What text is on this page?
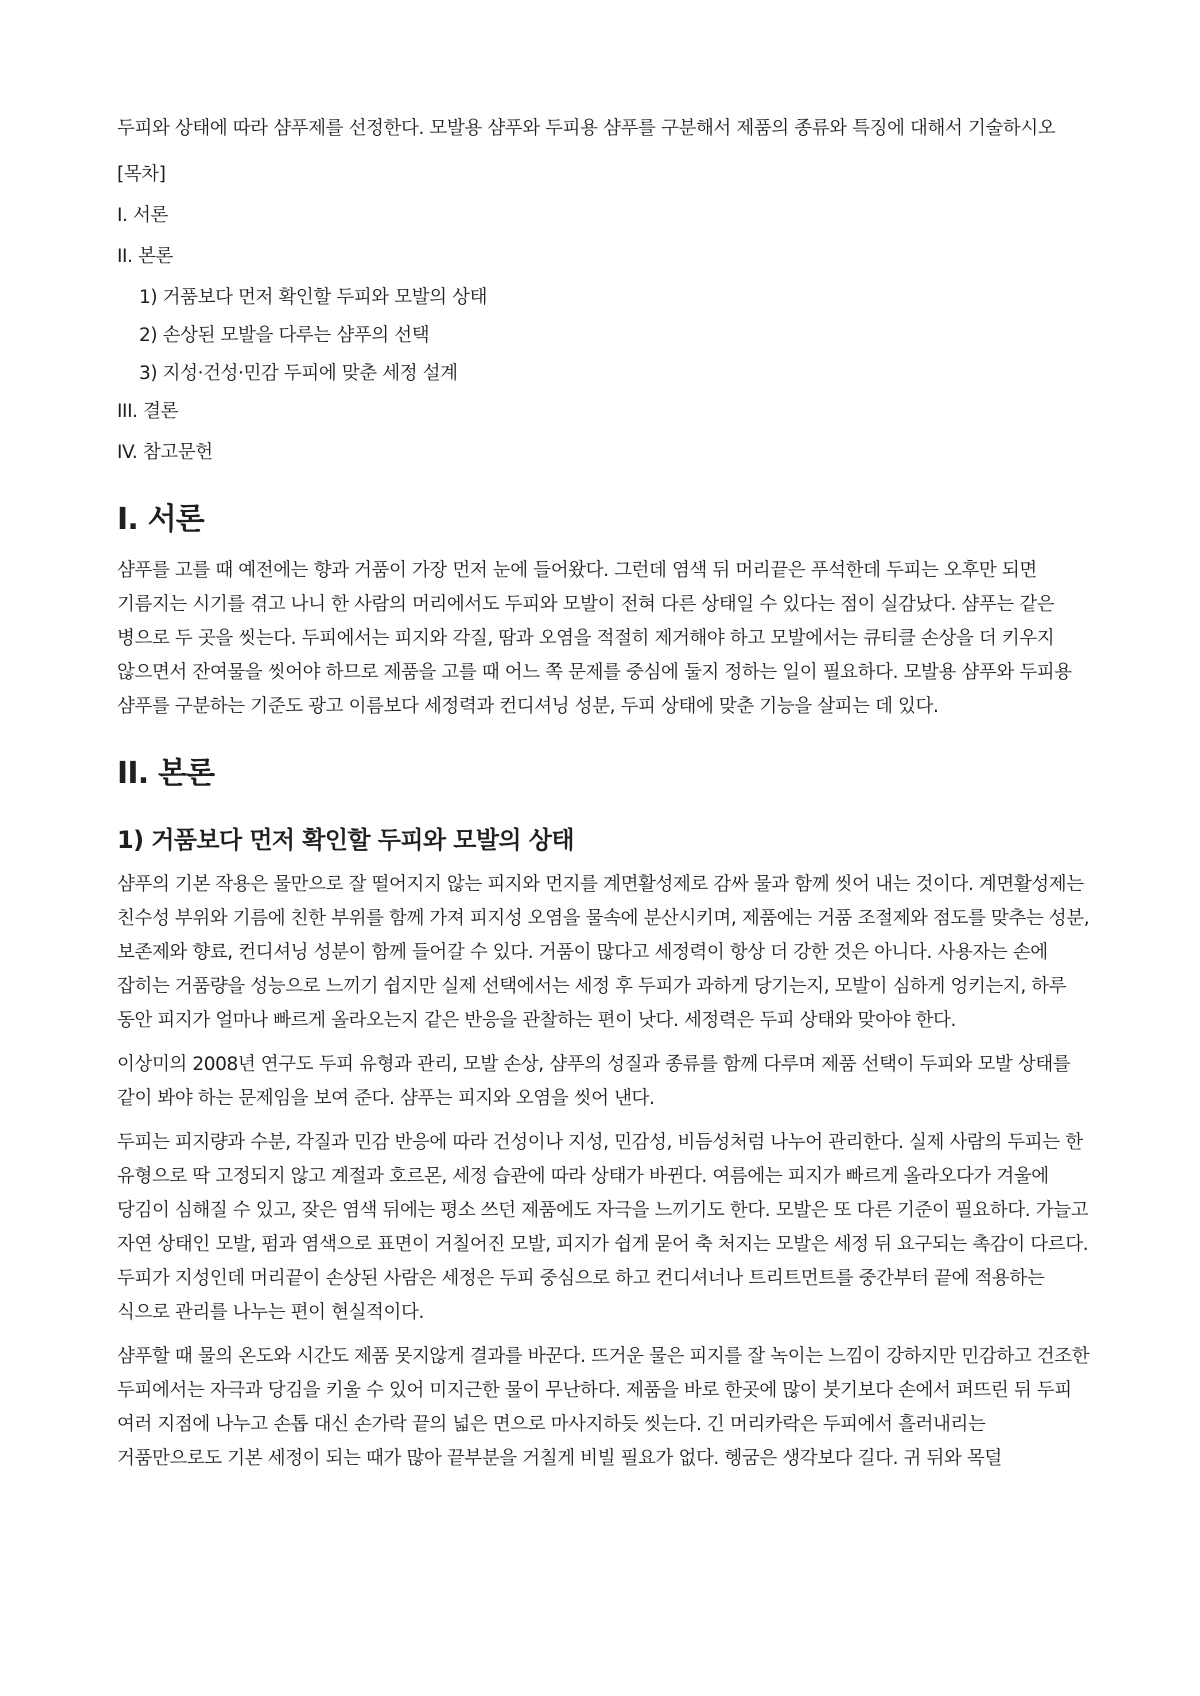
두피와 상태에 따라 샴푸제를 선정한다. 모발용 샴푸와 두피용 샴푸를 구분해서 제품의 종류와 특징에 대해서 기술하시오

[목차]

I. 서론

II. 본론

1) 거품보다 먼저 확인할 두피와 모발의 상태

2) 손상된 모발을 다루는 샴푸의 선택

3) 지성·건성·민감 두피에 맞춘 세정 설계

III. 결론

IV. 참고문헌

I. 서론

샴푸를 고를 때 예전에는 향과 거품이 가장 먼저 눈에 들어왔다. 그런데 염색 뒤 머리끝은 푸석한데 두피는 오후만 되면 기름지는 시기를 겪고 나니 한 사람의 머리에서도 두피와 모발이 전혀 다른 상태일 수 있다는 점이 실감났다. 샴푸는 같은 병으로 두 곳을 씻는다. 두피에서는 피지와 각질, 땀과 오염을 적절히 제거해야 하고 모발에서는 큐티클 손상을 더 키우지 않으면서 잔여물을 씻어야 하므로 제품을 고를 때 어느 쪽 문제를 중심에 둘지 정하는 일이 필요하다. 모발용 샴푸와 두피용 샴푸를 구분하는 기준도 광고 이름보다 세정력과 컨디셔닝 성분, 두피 상태에 맞춘 기능을 살피는 데 있다.

II. 본론
1) 거품보다 먼저 확인할 두피와 모발의 상태

샴푸의 기본 작용은 물만으로 잘 떨어지지 않는 피지와 먼지를 계면활성제로 감싸 물과 함께 씻어 내는 것이다. 계면활성제는 친수성 부위와 기름에 친한 부위를 함께 가져 피지성 오염을 물속에 분산시키며, 제품에는 거품 조절제와 점도를 맞추는 성분, 보존제와 향료, 컨디셔닝 성분이 함께 들어갈 수 있다. 거품이 많다고 세정력이 항상 더 강한 것은 아니다. 사용자는 손에 잡히는 거품량을 성능으로 느끼기 쉽지만 실제 선택에서는 세정 후 두피가 과하게 당기는지, 모발이 심하게 엉키는지, 하루 동안 피지가 얼마나 빠르게 올라오는지 같은 반응을 관찰하는 편이 낫다. 세정력은 두피 상태와 맞아야 한다.

이상미의 2008년 연구도 두피 유형과 관리, 모발 손상, 샴푸의 성질과 종류를 함께 다루며 제품 선택이 두피와 모발 상태를 같이 봐야 하는 문제임을 보여 준다. 샴푸는 피지와 오염을 씻어 낸다.

두피는 피지량과 수분, 각질과 민감 반응에 따라 건성이나 지성, 민감성, 비듬성처럼 나누어 관리한다. 실제 사람의 두피는 한 유형으로 딱 고정되지 않고 계절과 호르몬, 세정 습관에 따라 상태가 바뀐다. 여름에는 피지가 빠르게 올라오다가 겨울에 당김이 심해질 수 있고, 잦은 염색 뒤에는 평소 쓰던 제품에도 자극을 느끼기도 한다. 모발은 또 다른 기준이 필요하다. 가늘고 자연 상태인 모발, 펌과 염색으로 표면이 거칠어진 모발, 피지가 쉽게 묻어 축 처지는 모발은 세정 뒤 요구되는 촉감이 다르다. 두피가 지성인데 머리끝이 손상된 사람은 세정은 두피 중심으로 하고 컨디셔너나 트리트먼트를 중간부터 끝에 적용하는 식으로 관리를 나누는 편이 현실적이다.

샴푸할 때 물의 온도와 시간도 제품 못지않게 결과를 바꾼다. 뜨거운 물은 피지를 잘 녹이는 느낌이 강하지만 민감하고 건조한 두피에서는 자극과 당김을 키울 수 있어 미지근한 물이 무난하다. 제품을 바로 한곳에 많이 붓기보다 손에서 퍼뜨린 뒤 두피 여러 지점에 나누고 손톱 대신 손가락 끝의 넓은 면으로 마사지하듯 씻는다. 긴 머리카락은 두피에서 흘러내리는 거품만으로도 기본 세정이 되는 때가 많아 끝부분을 거칠게 비빌 필요가 없다. 헹굼은 생각보다 길다. 귀 뒤와 목덜
